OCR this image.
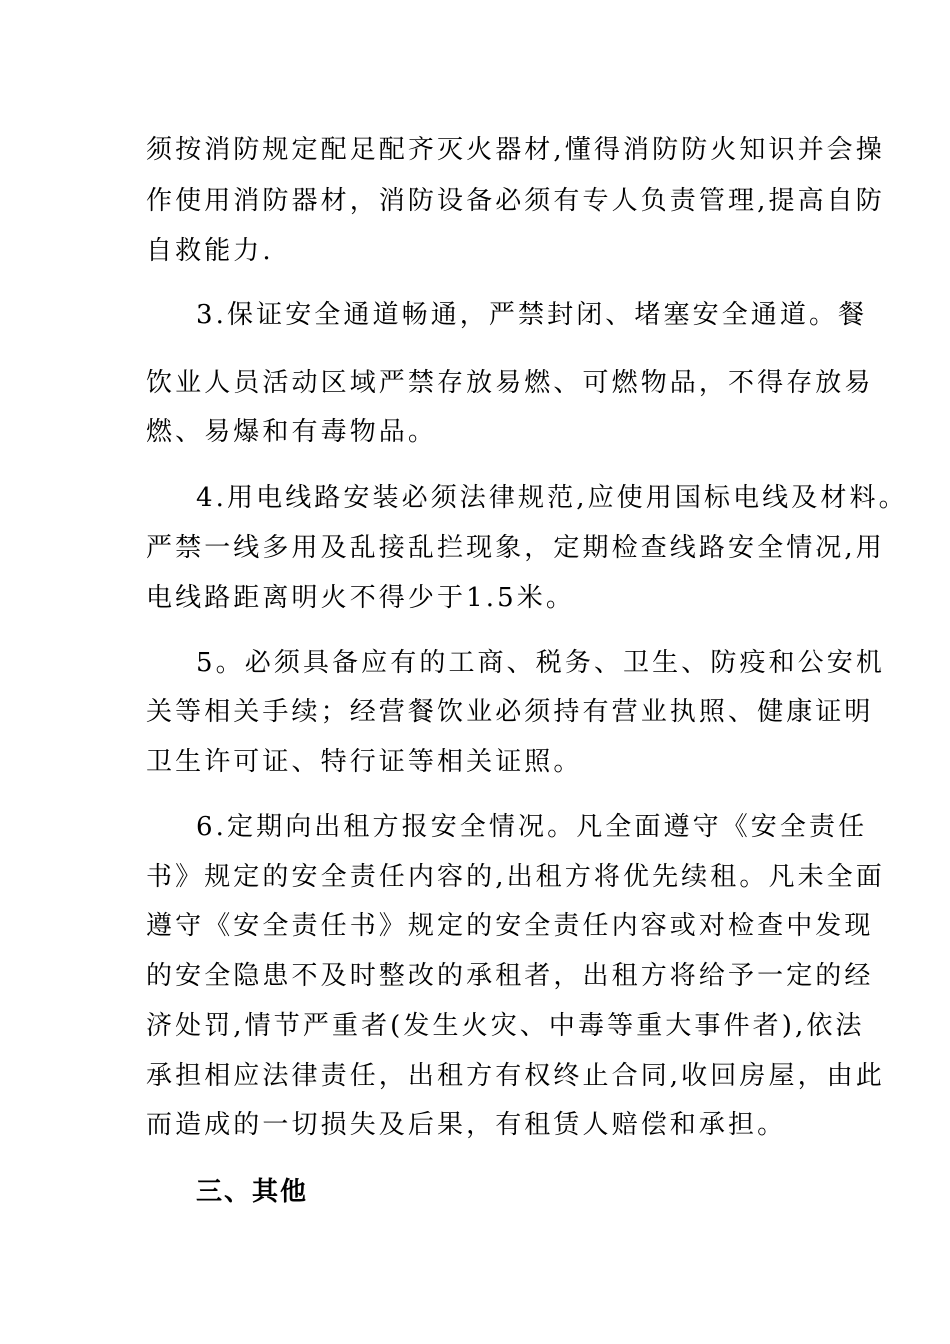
须按消防规定配足配齐灭火器材,懂得消防防火知识并会操
作使用消防器材，消防设备必须有专人负责管理,提高自防
自救能力.
3.保证安全通道畅通，严禁封闭、堵塞安全通道。餐
饮业人员活动区域严禁存放易燃、可燃物品，不得存放易
燃、易爆和有毒物品。
4.用电线路安装必须法律规范,应使用国标电线及材料。
严禁一线多用及乱接乱拦现象，定期检查线路安全情况,用
电线路距离明火不得少于1.5米。
5。必须具备应有的工商、税务、卫生、防疫和公安机
关等相关手续；经营餐饮业必须持有营业执照、健康证明
卫生许可证、特行证等相关证照。
6.定期向出租方报安全情况。凡全面遵守《安全责任
书》规定的安全责任内容的,出租方将优先续租。凡未全面
遵守《安全责任书》规定的安全责任内容或对检查中发现
的安全隐患不及时整改的承租者，出租方将给予一定的经
济处罚,情节严重者(发生火灾、中毒等重大事件者),依法
承担相应法律责任，出租方有权终止合同,收回房屋，由此
而造成的一切损失及后果，有租赁人赔偿和承担。
三、其他
